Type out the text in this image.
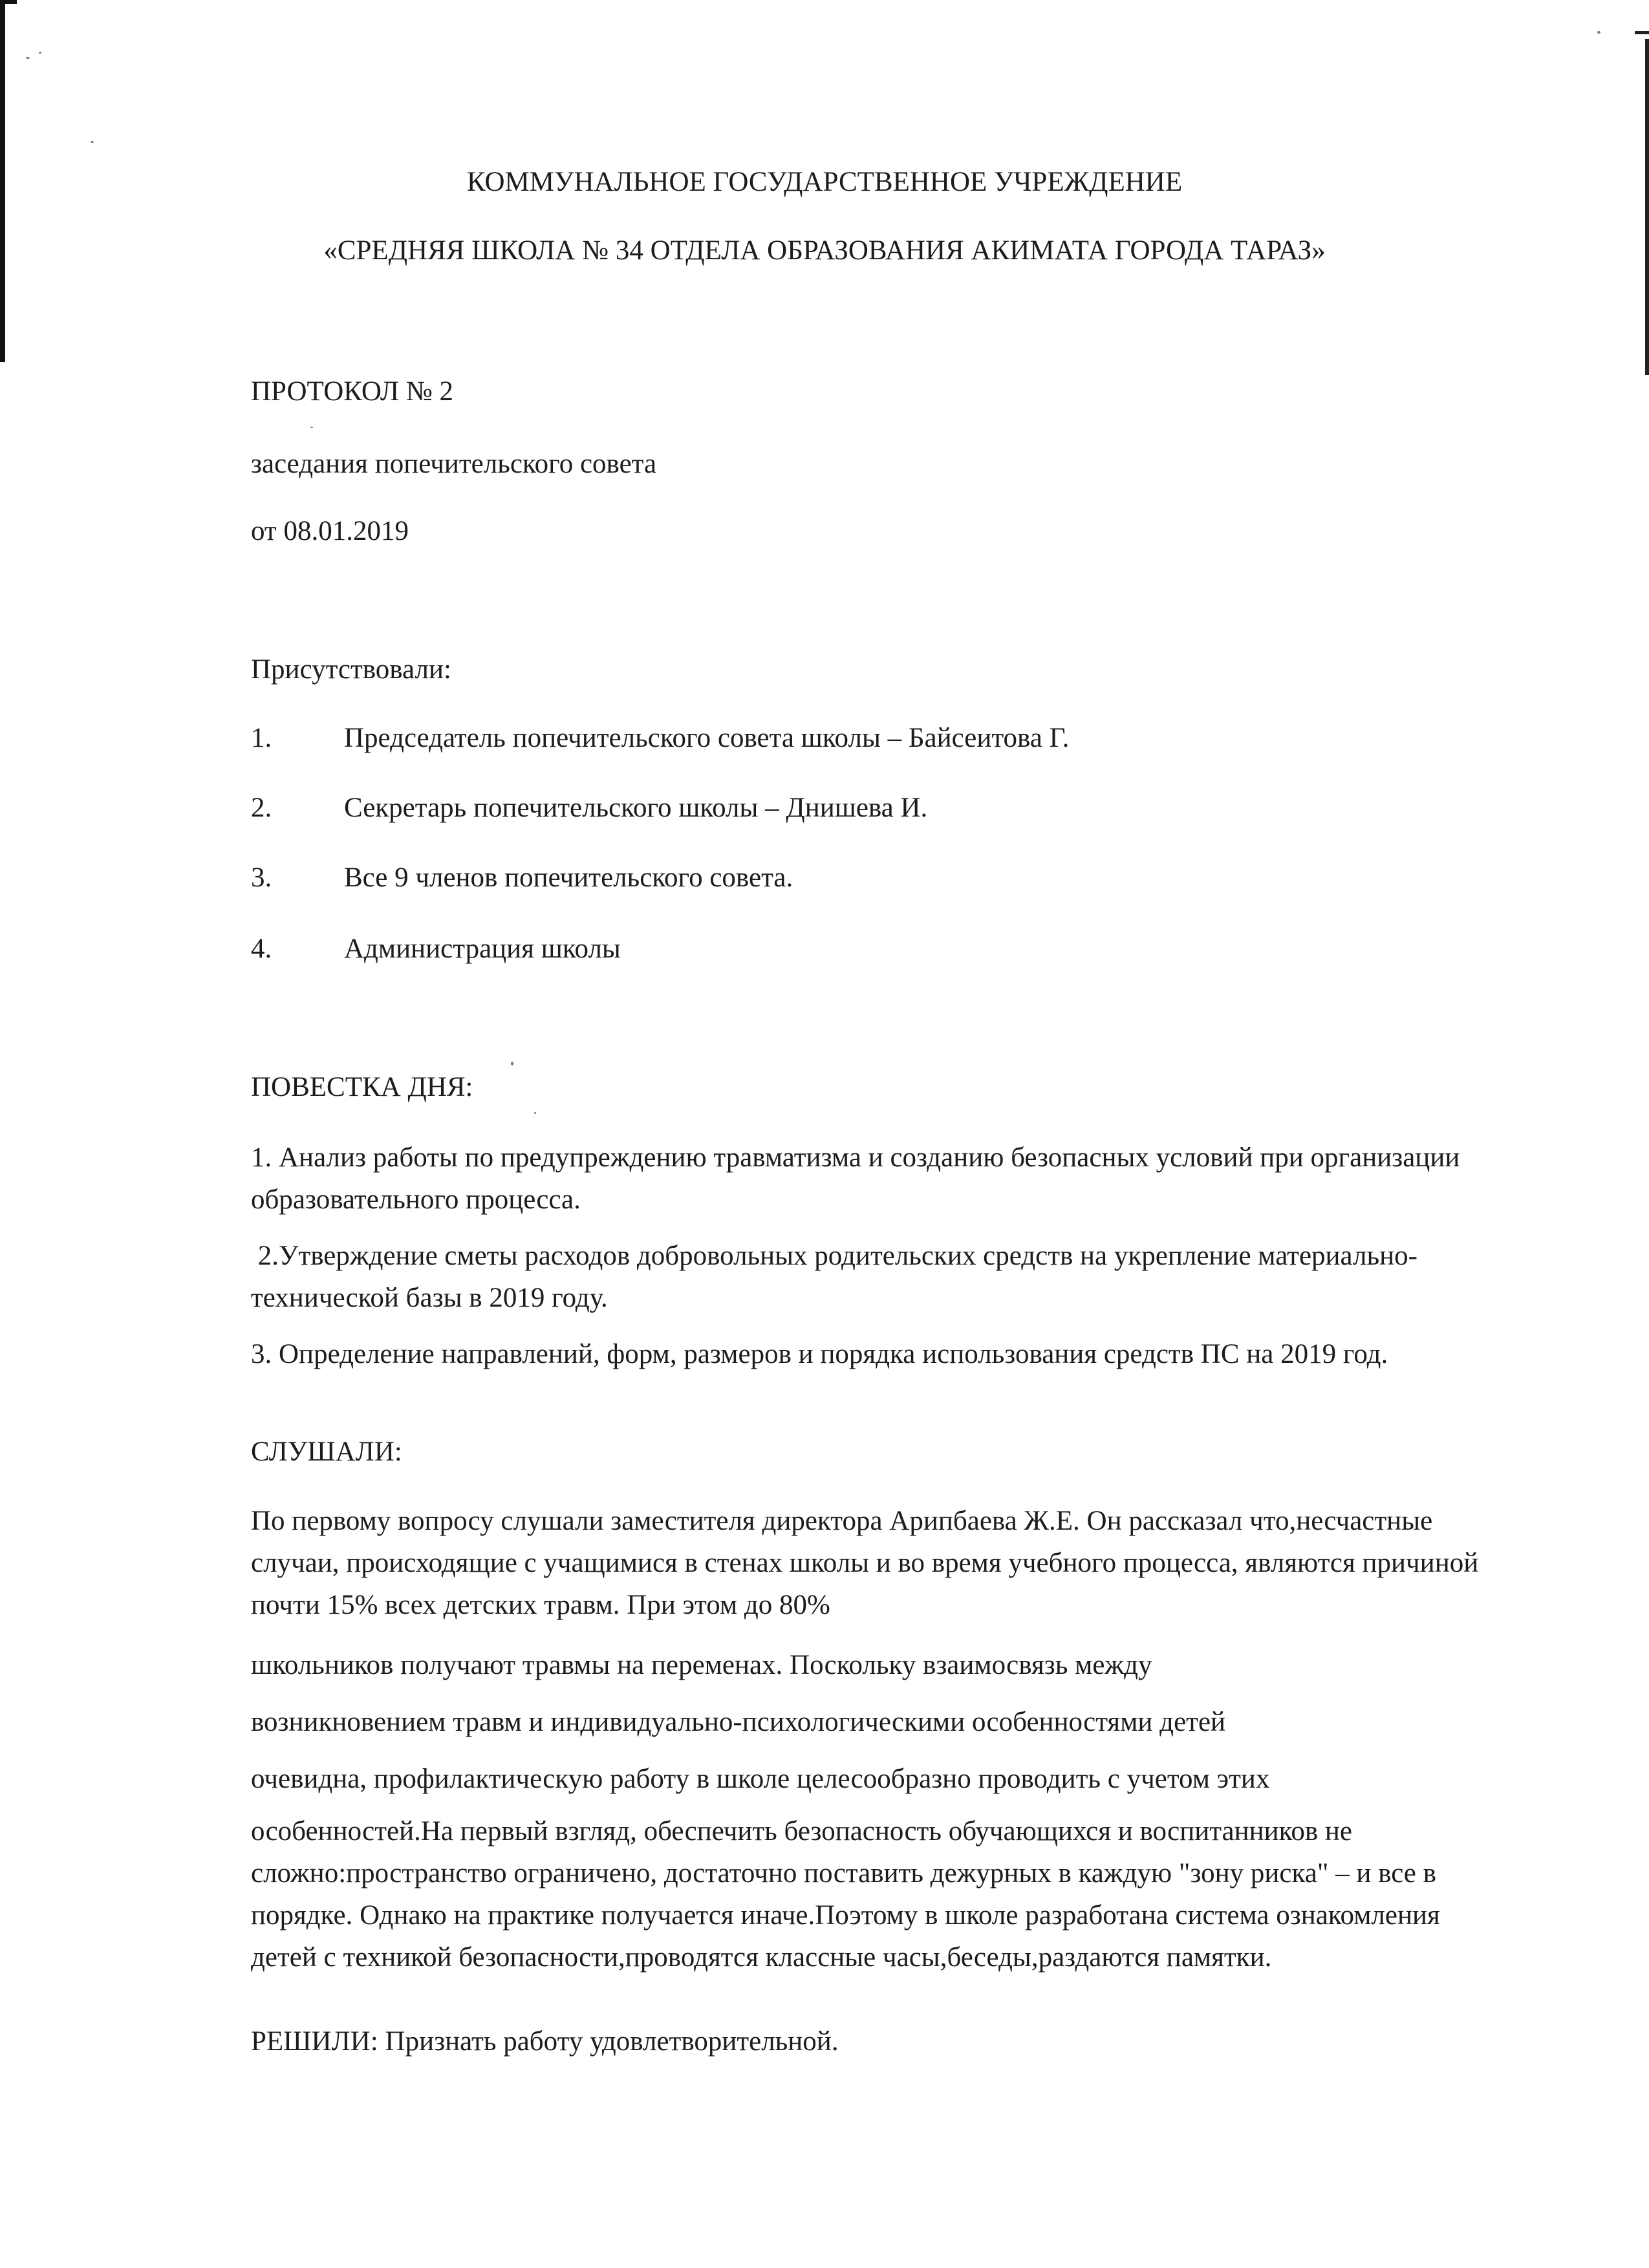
КОММУНАЛЬНОЕ ГОСУДАРСТВЕННОЕ УЧРЕЖДЕНИЕ
«СРЕДНЯЯ ШКОЛА № 34 ОТДЕЛА ОБРАЗОВАНИЯ АКИМАТА ГОРОДА ТАРАЗ»
ПРОТОКОЛ № 2
заседания попечительского совета
от 08.01.2019
Присутствовали:
1.	Председатель попечительского совета школы – Байсеитова Г.
2.	Секретарь попечительского школы – Днишева И.
3.	Все 9 членов попечительского совета.
4.	Администрация школы
ПОВЕСТКА ДНЯ:
1. Анализ работы по предупреждению травматизма и созданию безопасных условий при организации образовательного процесса.
2.Утверждение сметы расходов добровольных родительских средств на укрепление материально-технической базы в 2019 году.
3. Определение направлений, форм, размеров и порядка использования средств ПС на 2019 год.
СЛУШАЛИ:
По первому вопросу слушали заместителя директора Арипбаева Ж.Е. Он рассказал что,несчастные случаи, происходящие с учащимися в стенах школы и во время учебного процесса, являются причиной почти 15% всех детских травм. При этом до 80%
школьников получают травмы на переменах. Поскольку взаимосвязь между
возникновением травм и индивидуально-психологическими особенностями детей
очевидна, профилактическую работу в школе целесообразно проводить с учетом этих
особенностей.На первый взгляд, обеспечить безопасность обучающихся и воспитанников не сложно:пространство ограничено, достаточно поставить дежурных в каждую "зону риска" – и все в порядке. Однако на практике получается иначе.Поэтому в школе разработана система ознакомления детей с техникой безопасности,проводятся классные часы,беседы,раздаются памятки.
РЕШИЛИ: Признать работу удовлетворительной.
